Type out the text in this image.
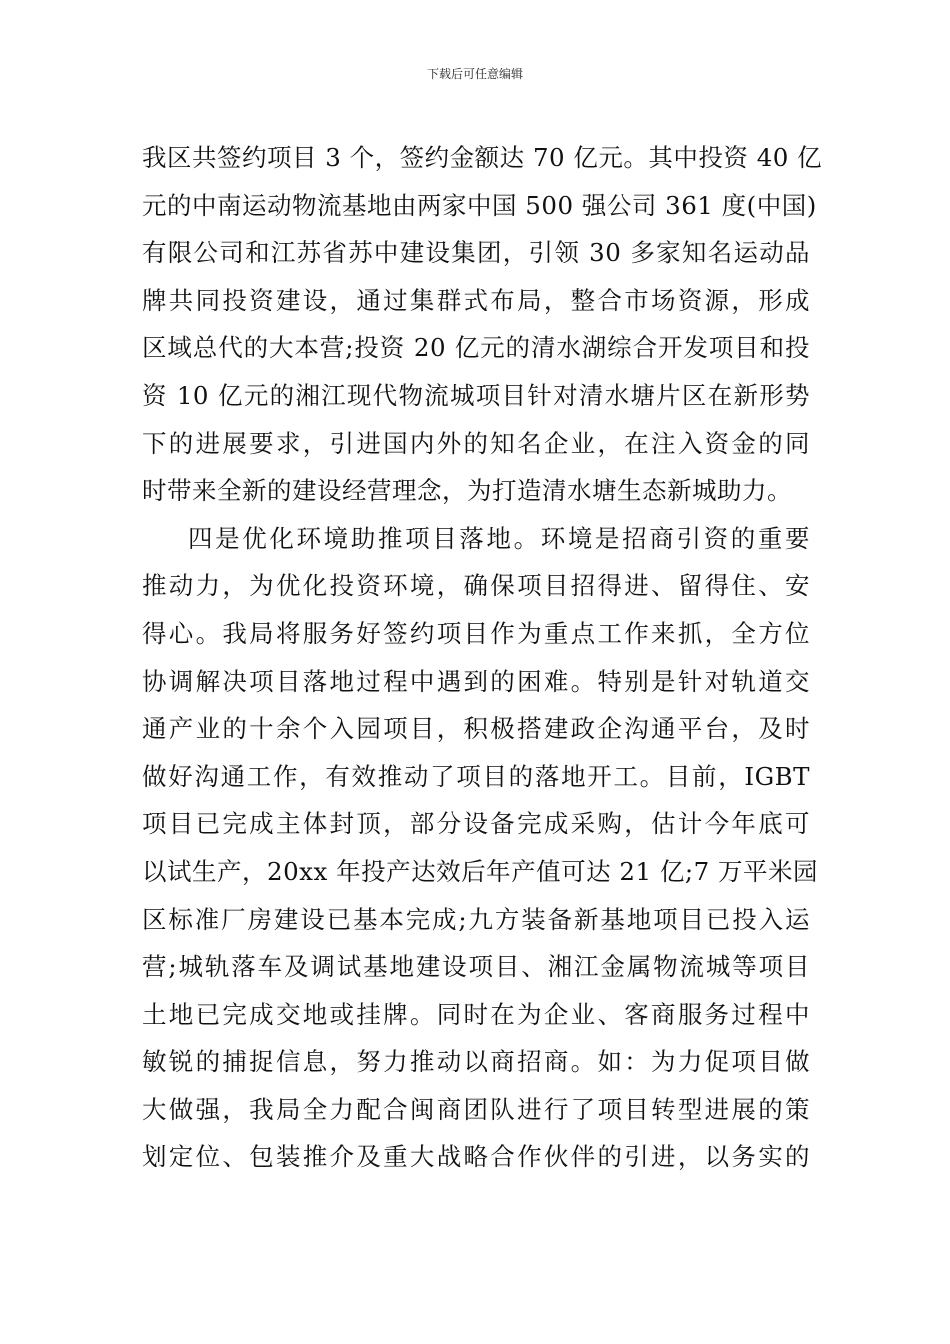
下载后可任意编辑
我区共签约项目 3 个，签约金额达 70 亿元。其中投资 40 亿
元的中南运动物流基地由两家中国 500 强公司 361 度(中国)
有限公司和江苏省苏中建设集团，引领 30 多家知名运动品
牌共同投资建设，通过集群式布局，整合市场资源，形成
区域总代的大本营;投资 20 亿元的清水湖综合开发项目和投
资 10 亿元的湘江现代物流城项目针对清水塘片区在新形势
下的进展要求，引进国内外的知名企业，在注入资金的同
时带来全新的建设经营理念，为打造清水塘生态新城助力。
四是优化环境助推项目落地。环境是招商引资的重要
推动力，为优化投资环境，确保项目招得进、留得住、安
得心。我局将服务好签约项目作为重点工作来抓，全方位
协调解决项目落地过程中遇到的困难。特别是针对轨道交
通产业的十余个入园项目，积极搭建政企沟通平台，及时
做好沟通工作，有效推动了项目的落地开工。目前，IGBT
项目已完成主体封顶，部分设备完成采购，估计今年底可
以试生产，20xx 年投产达效后年产值可达 21 亿;7 万平米园
区标准厂房建设已基本完成;九方装备新基地项目已投入运
营;城轨落车及调试基地建设项目、湘江金属物流城等项目
土地已完成交地或挂牌。同时在为企业、客商服务过程中
敏锐的捕捉信息，努力推动以商招商。如：为力促项目做
大做强，我局全力配合闽商团队进行了项目转型进展的策
划定位、包装推介及重大战略合作伙伴的引进，以务实的
